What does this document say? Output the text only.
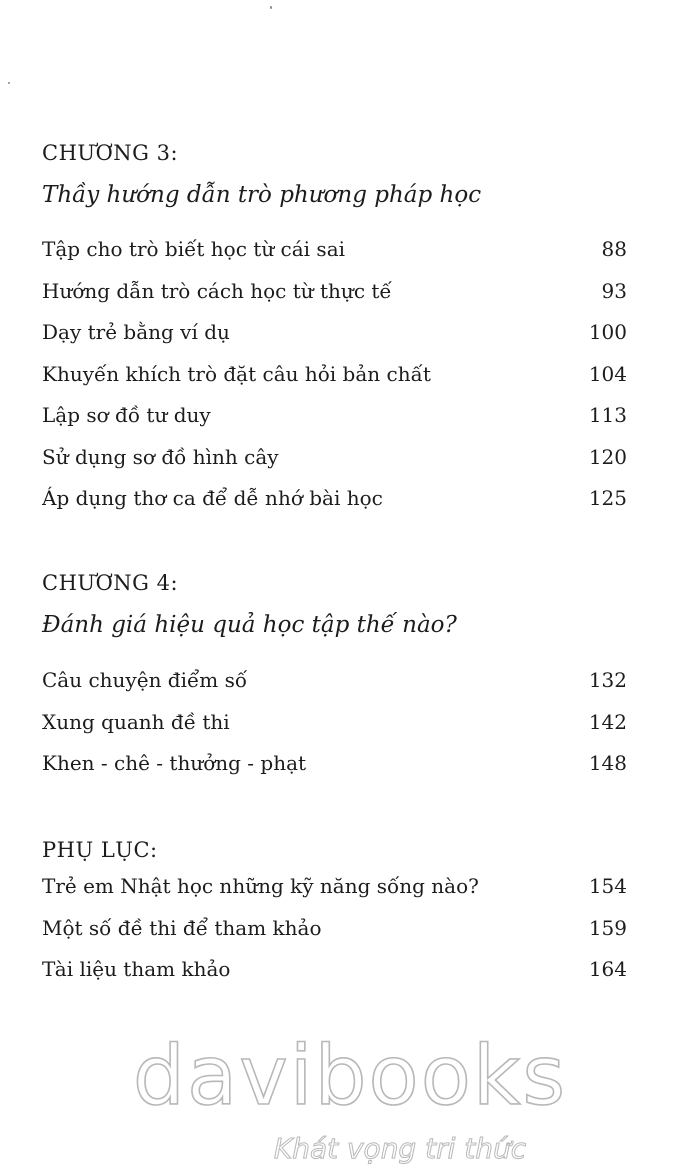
CHƯƠNG 3:
Thầy hướng dẫn trò phương pháp học
Tập cho trò biết học từ cái sai	88
Hướng dẫn trò cách học từ thực tế	93
Dạy trẻ bằng ví dụ	100
Khuyến khích trò đặt câu hỏi bản chất	104
Lập sơ đồ tư duy	113
Sử dụng sơ đồ hình cây	120
Áp dụng thơ ca để dễ nhớ bài học	125
CHƯƠNG 4:
Đánh giá hiệu quả học tập thế nào?
Câu chuyện điểm số	132
Xung quanh đề thi	142
Khen - chê - thưởng - phạt	148
PHỤ LỤC:
Trẻ em Nhật học những kỹ năng sống nào?	154
Một số đề thi để tham khảo	159
Tài liệu tham khảo	164
davibooks
Khát vọng tri thức
